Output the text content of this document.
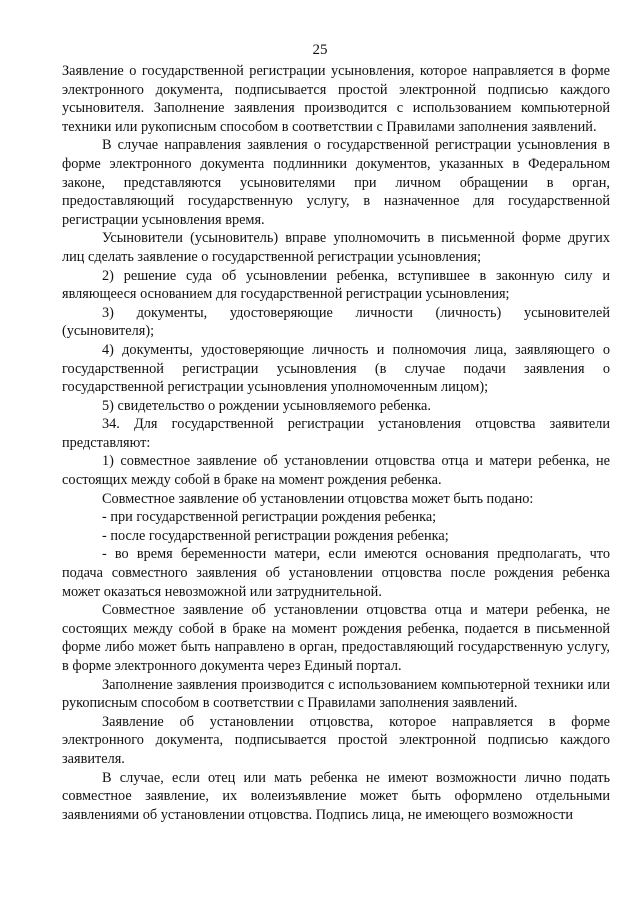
25

Заявление о государственной регистрации усыновления, которое направляется в форме электронного документа, подписывается простой электронной подписью каждого усыновителя. Заполнение заявления производится с использованием компьютерной техники или рукописным способом в соответствии с Правилами заполнения заявлений.

В случае направления заявления о государственной регистрации усыновления в форме электронного документа подлинники документов, указанных в Федеральном законе, представляются усыновителями при личном обращении в орган, предоставляющий государственную услугу, в назначенное для государственной регистрации усыновления время.

Усыновители (усыновитель) вправе уполномочить в письменной форме других лиц сделать заявление о государственной регистрации усыновления;

2) решение суда об усыновлении ребенка, вступившее в законную силу и являющееся основанием для государственной регистрации усыновления;

3) документы, удостоверяющие личности (личность) усыновителей (усыновителя);

4) документы, удостоверяющие личность и полномочия лица, заявляющего о государственной регистрации усыновления (в случае подачи заявления о государственной регистрации усыновления уполномоченным лицом);

5) свидетельство о рождении усыновляемого ребенка.

34. Для государственной регистрации установления отцовства заявители представляют:

1) совместное заявление об установлении отцовства отца и матери ребенка, не состоящих между собой в браке на момент рождения ребенка.

Совместное заявление об установлении отцовства может быть подано:

- при государственной регистрации рождения ребенка;

- после государственной регистрации рождения ребенка;

- во время беременности матери, если имеются основания предполагать, что подача совместного заявления об установлении отцовства после рождения ребенка может оказаться невозможной или затруднительной.

Совместное заявление об установлении отцовства отца и матери ребенка, не состоящих между собой в браке на момент рождения ребенка, подается в письменной форме либо может быть направлено в орган, предоставляющий государственную услугу, в форме электронного документа через Единый портал.

Заполнение заявления производится с использованием компьютерной техники или рукописным способом в соответствии с Правилами заполнения заявлений.

Заявление об установлении отцовства, которое направляется в форме электронного документа, подписывается простой электронной подписью каждого заявителя.

В случае, если отец или мать ребенка не имеют возможности лично подать совместное заявление, их волеизъявление может быть оформлено отдельными заявлениями об установлении отцовства. Подпись лица, не имеющего возможности
